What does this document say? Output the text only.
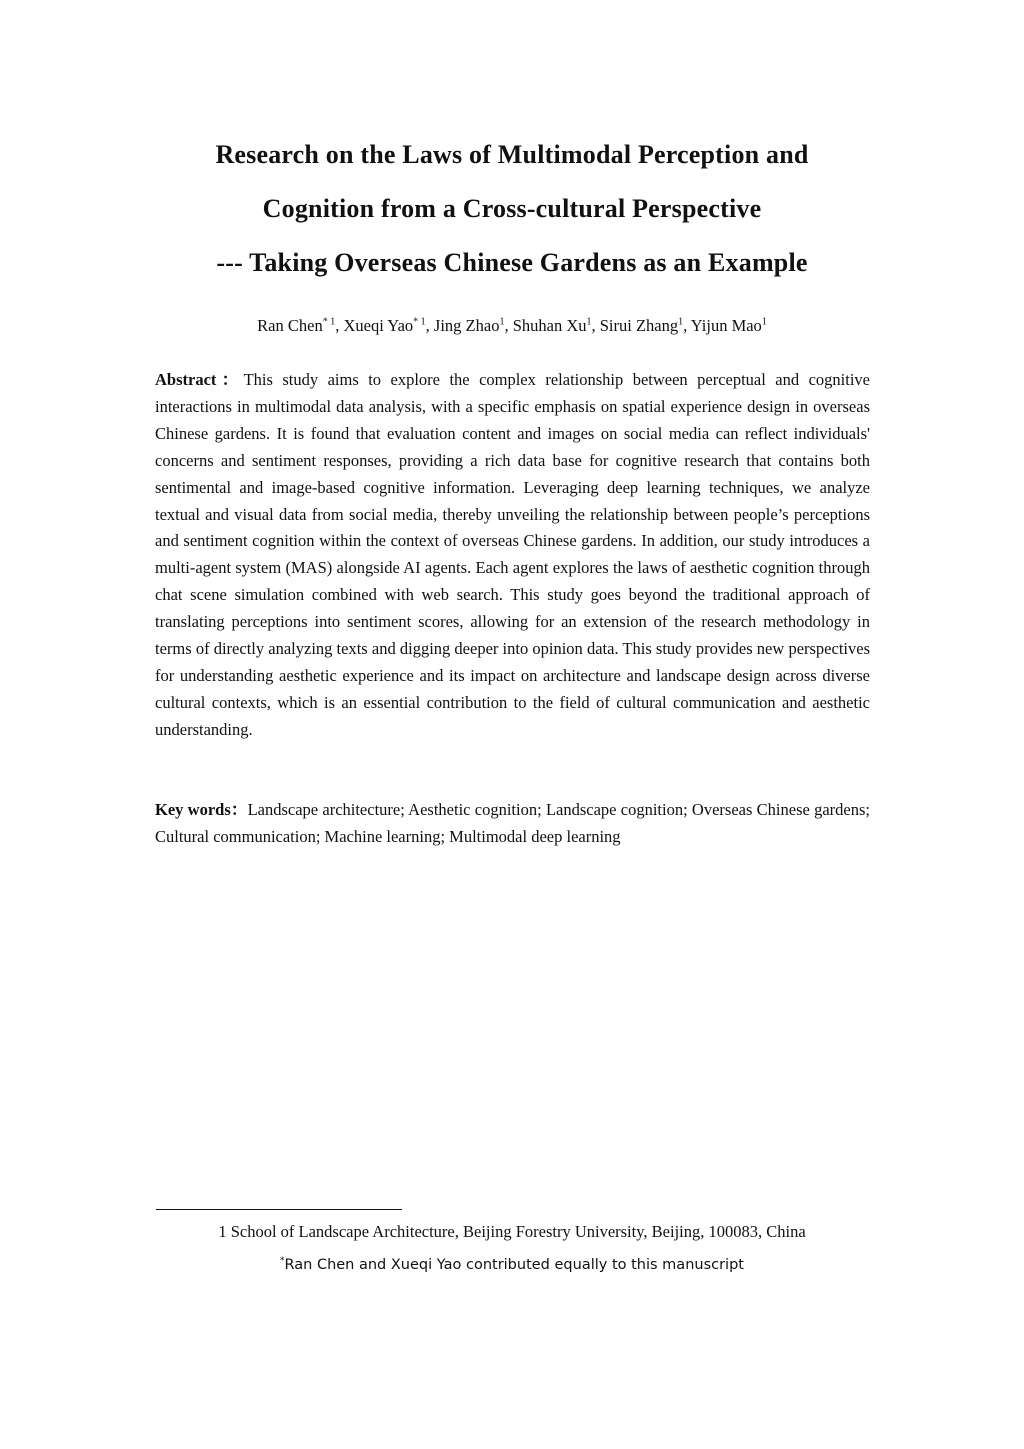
Research on the Laws of Multimodal Perception and
Cognition from a Cross-cultural Perspective
--- Taking Overseas Chinese Gardens as an Example
Ran Chen$^{* 1}$, Xueqi Yao$^{* 1}$, Jing Zhao$^1$, Shuhan Xu$^1$, Sirui Zhang$^1$, Yijun Mao$^1$

Abstract：This study aims to explore the complex relationship between perceptual and cognitive interactions in multimodal data analysis, with a specific emphasis on spatial experience design in overseas Chinese gardens. It is found that evaluation content and images on social media can reflect individuals' concerns and sentiment responses, providing a rich data base for cognitive research that contains both sentimental and image-based cognitive information. Leveraging deep learning techniques, we analyze textual and visual data from social media, thereby unveiling the relationship between people’s perceptions and sentiment cognition within the context of overseas Chinese gardens. In addition, our study introduces a multi-agent system (MAS) alongside AI agents. Each agent explores the laws of aesthetic cognition through chat scene simulation combined with web search. This study goes beyond the traditional approach of translating perceptions into sentiment scores, allowing for an extension of the research methodology in terms of directly analyzing texts and digging deeper into opinion data. This study provides new perspectives for understanding aesthetic experience and its impact on architecture and landscape design across diverse cultural contexts, which is an essential contribution to the field of cultural communication and aesthetic understanding.

Key words：Landscape architecture; Aesthetic cognition; Landscape cognition; Overseas Chinese gardens; Cultural communication; Machine learning; Multimodal deep learning

1 School of Landscape Architecture, Beijing Forestry University, Beijing, 100083, China
*Ran Chen and Xueqi Yao contributed equally to this manuscript
